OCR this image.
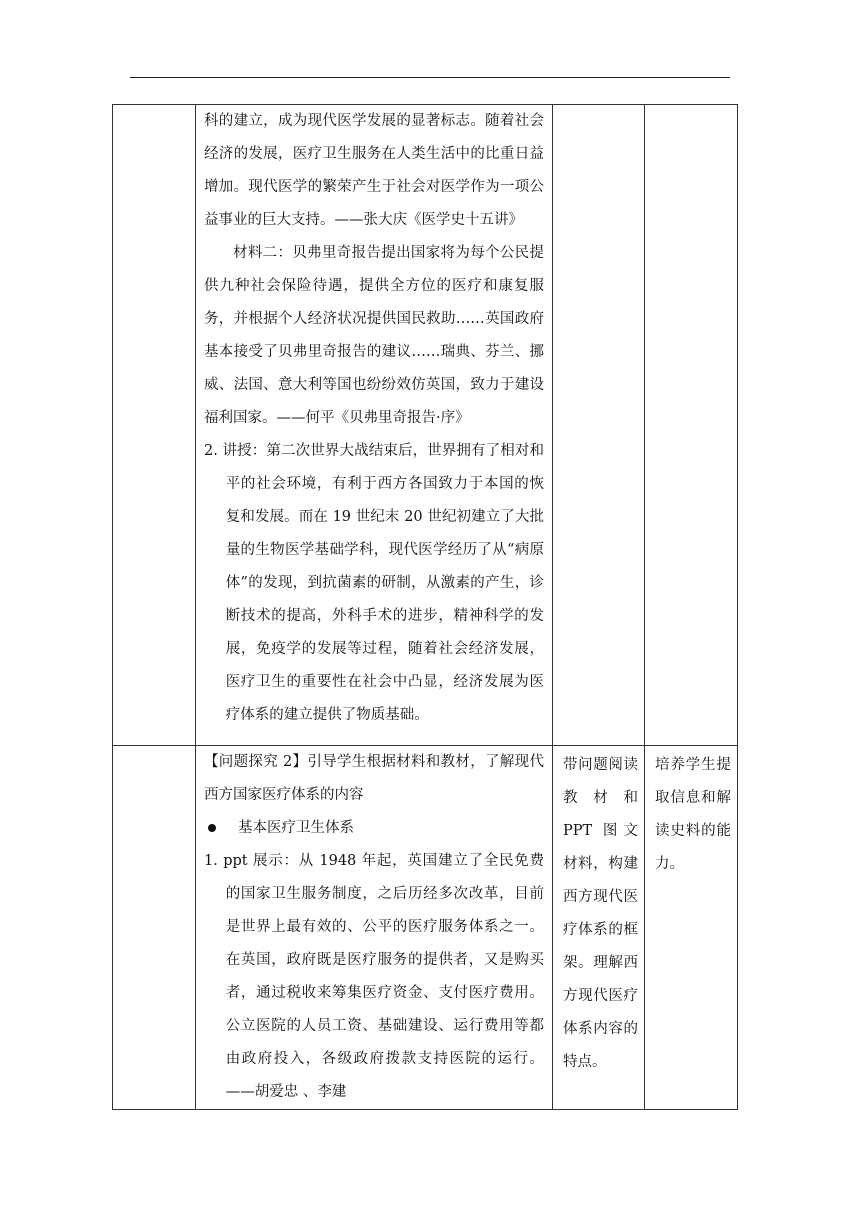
	科的建立，成为现代医学发展的显著标志。随着社会经济的发展，医疗卫生服务在人类生活中的比重日益增加。现代医学的繁荣产生于社会对医学作为一项公益事业的巨大支持。——张大庆《医学史十五讲》

材料二：贝弗里奇报告提出国家将为每个公民提供九种社会保险待遇，提供全方位的医疗和康复服务，并根据个人经济状况提供国民救助……英国政府基本接受了贝弗里奇报告的建议……瑞典、芬兰、挪威、法国、意大利等国也纷纷效仿英国，致力于建设福利国家。——何平《贝弗里奇报告·序》

2. 讲授：第二次世界大战结束后，世界拥有了相对和平的社会环境，有利于西方各国致力于本国的恢复和发展。而在 19 世纪末 20 世纪初建立了大批量的生物医学基础学科，现代医学经历了从“病原体”的发现，到抗菌素的研制，从激素的产生，诊断技术的提高，外科手术的进步，精神科学的发展，免疫学的发展等过程，随着社会经济发展，医疗卫生的重要性在社会中凸显，经济发展为医疗体系的建立提供了物质基础。		

	【问题探究 2】引导学生根据材料和教材，了解现代西方国家医疗体系的内容

基本医疗卫生体系

1. ppt 展示：从 1948 年起，英国建立了全民免费的国家卫生服务制度，之后历经多次改革，目前是世界上最有效的、公平的医疗服务体系之一。在英国，政府既是医疗服务的提供者，又是购买者，通过税收来筹集医疗资金、支付医疗费用。公立医院的人员工资、基础建设、运行费用等都由政府投入，各级政府拨款支持医院的运行。——胡爱忠 、李建	带问题阅读教材和 PPT 图文材料，构建西方现代医疗体系的框架。理解西方现代医疗体系内容的特点。	培养学生提取信息和解读史料的能力。
